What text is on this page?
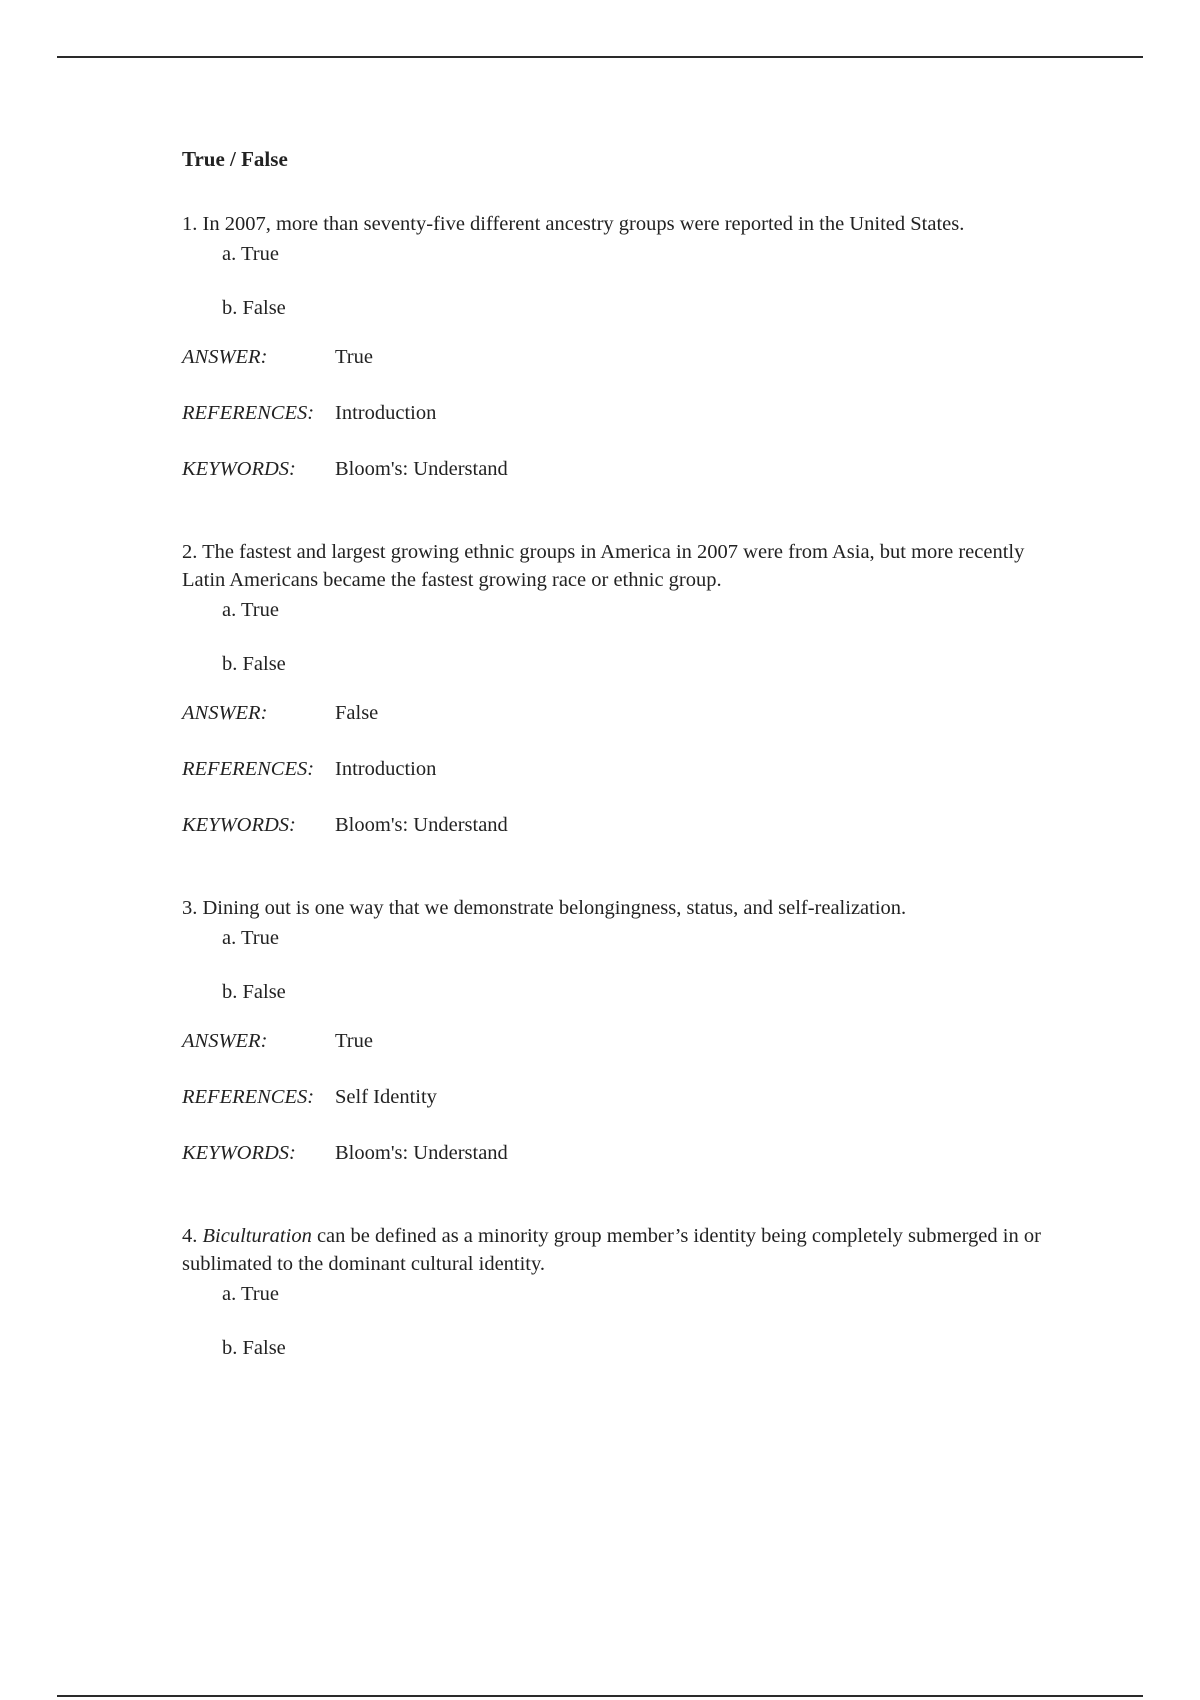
True / False

1. In 2007, more than seventy-five different ancestry groups were reported in the United States.

a. True
b. False
ANSWER:	True
REFERENCES:	Introduction
KEYWORDS:	Bloom's: Understand

2. The fastest and largest growing ethnic groups in America in 2007 were from Asia, but more recently Latin Americans became the fastest growing race or ethnic group.

a. True
b. False
ANSWER:	False
REFERENCES:	Introduction
KEYWORDS:	Bloom's: Understand

3. Dining out is one way that we demonstrate belongingness, status, and self-realization.

a. True
b. False
ANSWER:	True
REFERENCES:	Self Identity
KEYWORDS:	Bloom's: Understand

4. Biculturation can be defined as a minority group member’s identity being completely submerged in or sublimated to the dominant cultural identity.

a. True
b. False
